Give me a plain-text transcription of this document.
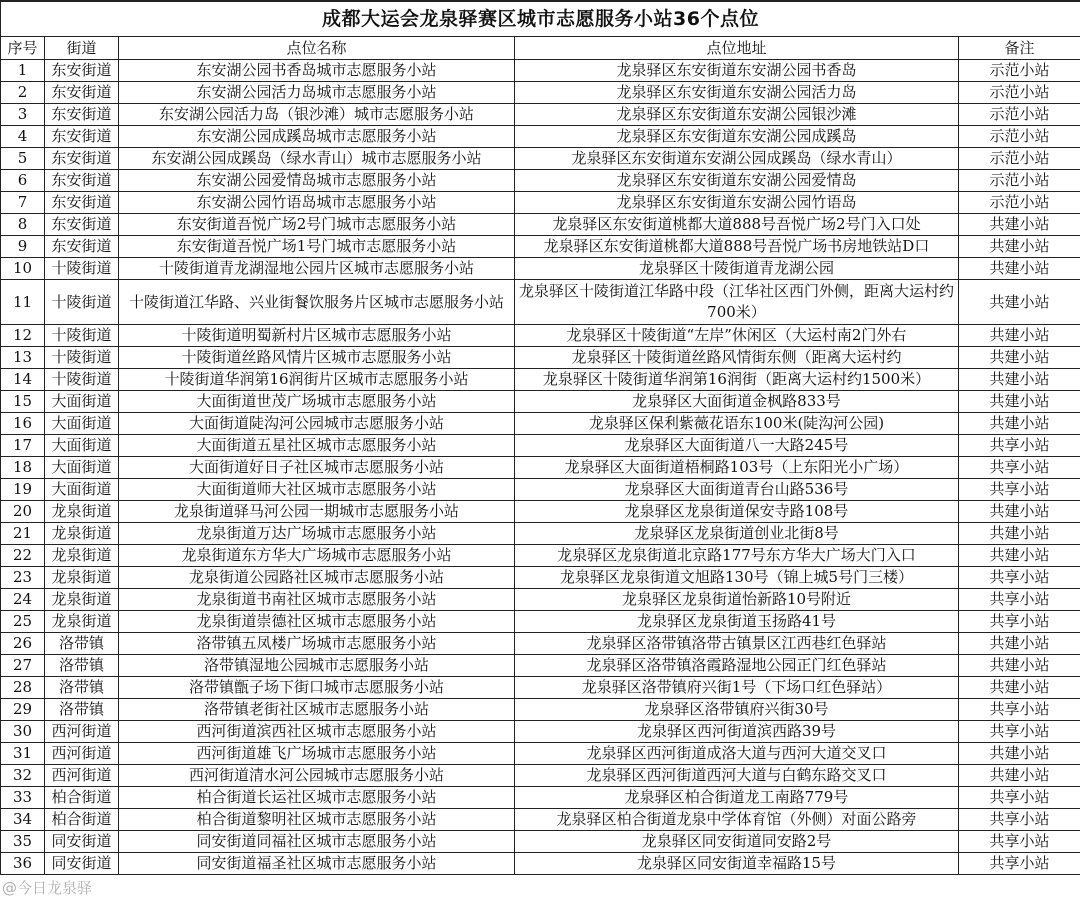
成都大运会龙泉驿赛区城市志愿服务小站36个点位				
序号	街道	点位名称	点位地址	备注
1	东安街道	东安湖公园书香岛城市志愿服务小站	龙泉驿区东安街道东安湖公园书香岛	示范小站
2	东安街道	东安湖公园活力岛城市志愿服务小站	龙泉驿区东安街道东安湖公园活力岛	示范小站
3	东安街道	东安湖公园活力岛（银沙滩）城市志愿服务小站	龙泉驿区东安街道东安湖公园银沙滩	示范小站
4	东安街道	东安湖公园成蹊岛城市志愿服务小站	龙泉驿区东安街道东安湖公园成蹊岛	示范小站
5	东安街道	东安湖公园成蹊岛（绿水青山）城市志愿服务小站	龙泉驿区东安街道东安湖公园成蹊岛（绿水青山）	示范小站
6	东安街道	东安湖公园爱情岛城市志愿服务小站	龙泉驿区东安街道东安湖公园爱情岛	示范小站
7	东安街道	东安湖公园竹语岛城市志愿服务小站	龙泉驿区东安街道东安湖公园竹语岛	示范小站
8	东安街道	东安街道吾悦广场2号门城市志愿服务小站	龙泉驿区东安街道桃都大道888号吾悦广场2号门入口处	共建小站
9	东安街道	东安街道吾悦广场1号门城市志愿服务小站	龙泉驿区东安街道桃都大道888号吾悦广场书房地铁站D口	共建小站
10	十陵街道	十陵街道青龙湖湿地公园片区城市志愿服务小站	龙泉驿区十陵街道青龙湖公园	共建小站
11	十陵街道	十陵街道江华路、兴业街餐饮服务片区城市志愿服务小站	龙泉驿区十陵街道江华路中段（江华社区西门外侧，距离大运村约700米）	共建小站
12	十陵街道	十陵街道明蜀新村片区城市志愿服务小站	龙泉驿区十陵街道“左岸”休闲区（大运村南2门外右	共建小站
13	十陵街道	十陵街道丝路风情片区城市志愿服务小站	龙泉驿区十陵街道丝路风情街东侧（距离大运村约	共建小站
14	十陵街道	十陵街道华润第16润街片区城市志愿服务小站	龙泉驿区十陵街道华润第16润街（距离大运村约1500米）	共建小站
15	大面街道	大面街道世茂广场城市志愿服务小站	龙泉驿区大面街道金枫路833号	共建小站
16	大面街道	大面街道陡沟河公园城市志愿服务小站	龙泉驿区保利紫薇花语东100米(陡沟河公园)	共建小站
17	大面街道	大面街道五星社区城市志愿服务小站	龙泉驿区大面街道八一大路245号	共享小站
18	大面街道	大面街道好日子社区城市志愿服务小站	龙泉驿区大面街道梧桐路103号（上东阳光小广场）	共享小站
19	大面街道	大面街道师大社区城市志愿服务小站	龙泉驿区大面街道青台山路536号	共享小站
20	龙泉街道	龙泉街道驿马河公园一期城市志愿服务小站	龙泉驿区龙泉街道保安寺路108号	共建小站
21	龙泉街道	龙泉街道万达广场城市志愿服务小站	龙泉驿区龙泉街道创业北街8号	共建小站
22	龙泉街道	龙泉街道东方华大广场城市志愿服务小站	龙泉驿区龙泉街道北京路177号东方华大广场大门入口	共建小站
23	龙泉街道	龙泉街道公园路社区城市志愿服务小站	龙泉驿区龙泉街道文旭路130号（锦上城5号门三楼）	共享小站
24	龙泉街道	龙泉街道书南社区城市志愿服务小站	龙泉驿区龙泉街道怡新路10号附近	共享小站
25	龙泉街道	龙泉街道崇德社区城市志愿服务小站	龙泉驿区龙泉街道玉扬路41号	共享小站
26	洛带镇	洛带镇五凤楼广场城市志愿服务小站	龙泉驿区洛带镇洛带古镇景区江西巷红色驿站	共建小站
27	洛带镇	洛带镇湿地公园城市志愿服务小站	龙泉驿区洛带镇洛霞路湿地公园正门红色驿站	共建小站
28	洛带镇	洛带镇甑子场下街口城市志愿服务小站	龙泉驿区洛带镇府兴街1号（下场口红色驿站）	共建小站
29	洛带镇	洛带镇老街社区城市志愿服务小站	龙泉驿区洛带镇府兴街30号	共享小站
30	西河街道	西河街道滨西社区城市志愿服务小站	龙泉驿区西河街道滨西路39号	共享小站
31	西河街道	西河街道雄飞广场城市志愿服务小站	龙泉驿区西河街道成洛大道与西河大道交叉口	共建小站
32	西河街道	西河街道清水河公园城市志愿服务小站	龙泉驿区西河街道西河大道与白鹤东路交叉口	共建小站
33	柏合街道	柏合街道长运社区城市志愿服务小站	龙泉驿区柏合街道龙工南路779号	共享小站
34	柏合街道	柏合街道黎明社区城市志愿服务小站	龙泉驿区柏合街道龙泉中学体育馆（外侧）对面公路旁	共享小站
35	同安街道	同安街道同福社区城市志愿服务小站	龙泉驿区同安街道同安路2号	共享小站
36	同安街道	同安街道福圣社区城市志愿服务小站	龙泉驿区同安街道幸福路15号	共享小站
@今日龙泉驿
